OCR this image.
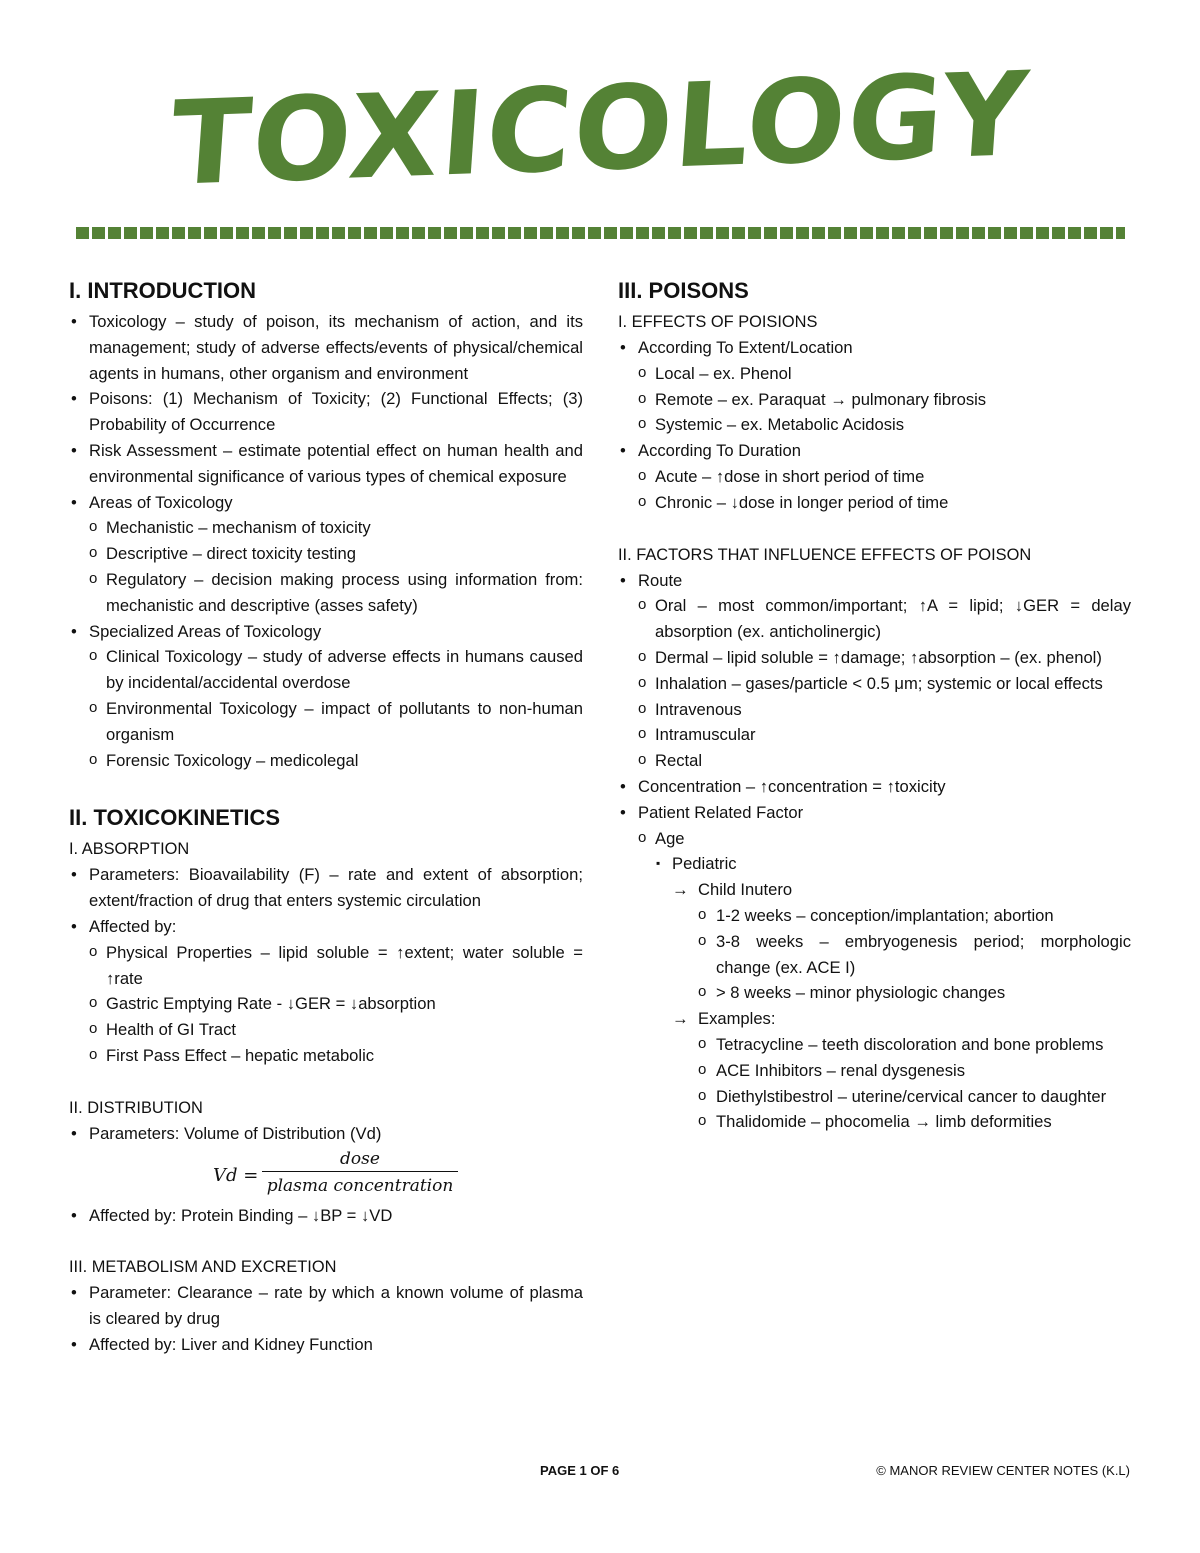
TOXICOLOGY
I. INTRODUCTION
• Toxicology – study of poison, its mechanism of action, and its management; study of adverse effects/events of physical/chemical agents in humans, other organism and environment
• Poisons: (1) Mechanism of Toxicity; (2) Functional Effects; (3) Probability of Occurrence
• Risk Assessment – estimate potential effect on human health and environmental significance of various types of chemical exposure
• Areas of Toxicology
o Mechanistic – mechanism of toxicity
o Descriptive – direct toxicity testing
o Regulatory – decision making process using information from: mechanistic and descriptive (asses safety)
• Specialized Areas of Toxicology
o Clinical Toxicology – study of adverse effects in humans caused by incidental/accidental overdose
o Environmental Toxicology – impact of pollutants to non-human organism
o Forensic Toxicology – medicolegal
II. TOXICOKINETICS
I. ABSORPTION
• Parameters: Bioavailability (F) – rate and extent of absorption; extent/fraction of drug that enters systemic circulation
• Affected by:
o Physical Properties – lipid soluble = ↑extent; water soluble = ↑rate
o Gastric Emptying Rate - ↓GER = ↓absorption
o Health of GI Tract
o First Pass Effect – hepatic metabolic
II. DISTRIBUTION
• Parameters: Volume of Distribution (Vd)
Vd =
dose
plasma concentration
• Affected by: Protein Binding – ↓BP = ↓VD
III. METABOLISM AND EXCRETION
• Parameter: Clearance – rate by which a known volume of plasma is cleared by drug
• Affected by: Liver and Kidney Function
III. POISONS
I. EFFECTS OF POISIONS
• According To Extent/Location
o Local – ex. Phenol
o Remote – ex. Paraquat → pulmonary fibrosis
o Systemic – ex. Metabolic Acidosis
• According To Duration
o Acute – ↑dose in short period of time
o Chronic – ↓dose in longer period of time
II. FACTORS THAT INFLUENCE EFFECTS OF POISON
• Route
o Oral – most common/important; ↑A = lipid; ↓GER = delay absorption (ex. anticholinergic)
o Dermal – lipid soluble = ↑damage; ↑absorption – (ex. phenol)
o Inhalation – gases/particle < 0.5 μm; systemic or local effects
o Intravenous
o Intramuscular
o Rectal
• Concentration – ↑concentration = ↑toxicity
• Patient Related Factor
o Age
▪ Pediatric
→ Child Inutero
o 1-2 weeks – conception/implantation; abortion
o 3-8 weeks – embryogenesis period; morphologic change (ex. ACE I)
o > 8 weeks – minor physiologic changes
→ Examples:
o Tetracycline – teeth discoloration and bone problems
o ACE Inhibitors – renal dysgenesis
o Diethylstibestrol – uterine/cervical cancer to daughter
o Thalidomide – phocomelia → limb deformities
PAGE 1 OF 6	© MANOR REVIEW CENTER NOTES (K.L)
